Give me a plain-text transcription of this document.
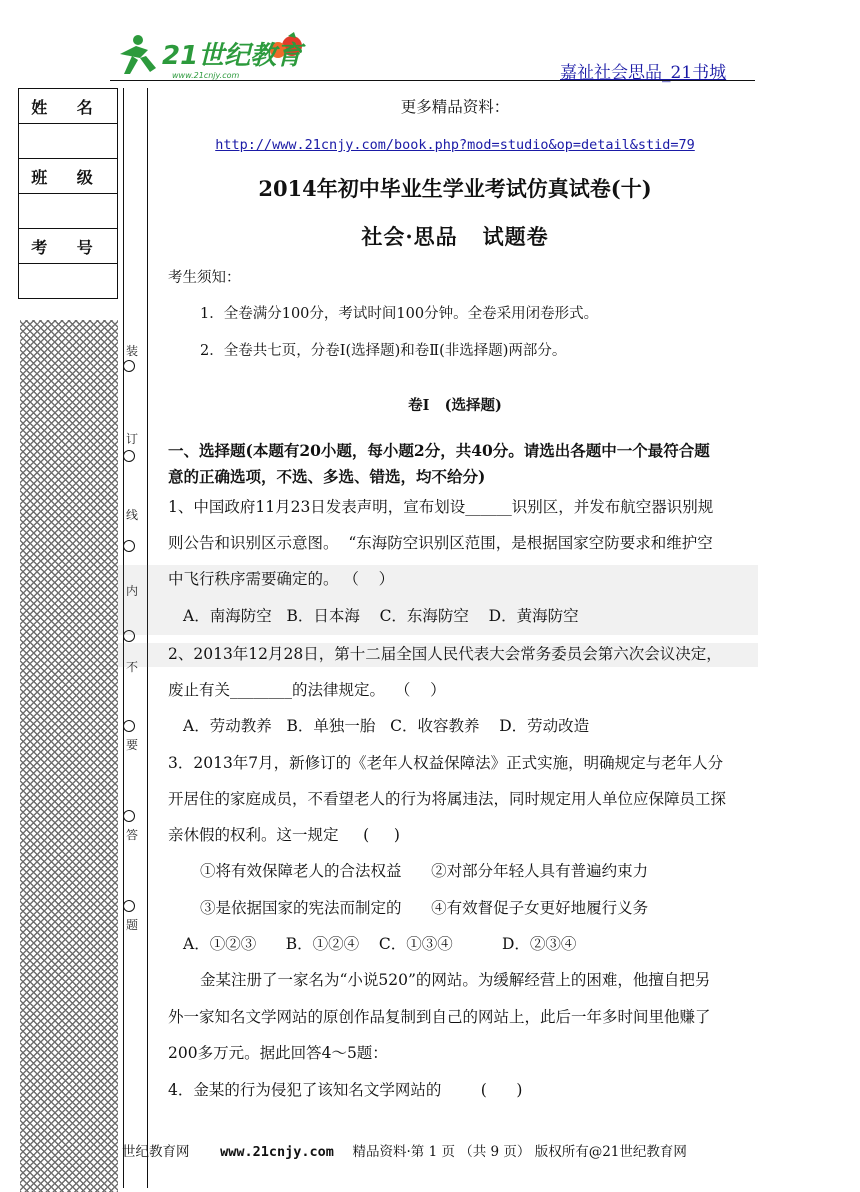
21世纪教育
www.21cnjy.com	嘉祉社会思品_21书城
姓 名

班 级

考 号

装
订
线
内
不
要
答
题
更多精品资料：
http://www.21cnjy.com/book.php?mod=studio&op=detail&stid=79
2014年初中毕业生学业考试仿真试卷(十)
社会·思品   试题卷
考生须知：
1．全卷满分100分，考试时间100分钟。全卷采用闭卷形式。
2．全卷共七页，分卷Ⅰ(选择题)和卷Ⅱ(非选择题)两部分。
卷Ⅰ   (选择题)
一、选择题(本题有20小题，每小题2分，共40分。请选出各题中一个最符合题
意的正确选项，不选、多选、错选，均不给分)
1、中国政府11月23日发表声明，宣布划设______识别区，并发布航空器识别规
则公告和识别区示意图。  “东海防空识别区范围，是根据国家空防要求和维护空
中飞行秩序需要确定的。 （    ）
A．南海防空   B．日本海    C．东海防空    D．黄海防空
2、2013年12月28日，第十二届全国人民代表大会常务委员会第六次会议决定，
废止有关________的法律规定。  （    ）
A．劳动教养   B．单独一胎   C．收容教养    D．劳动改造
3．2013年7月，新修订的《老年人权益保障法》正式实施，明确规定与老年人分
开居住的家庭成员，不看望老人的行为将属违法，同时规定用人单位应保障员工探
亲休假的权利。这一规定     (     )
①将有效保障老人的合法权益      ②对部分年轻人具有普遍约束力
③是依据国家的宪法而制定的      ④有效督促子女更好地履行义务
A．①②③      B．①②④    C．①③④          D．②③④
金某注册了一家名为“小说520”的网站。为缓解经营上的困难，他擅自把另
外一家知名文学网站的原创作品复制到自己的网站上，此后一年多时间里他赚了
200多万元。据此回答4～5题：
4．金某的行为侵犯了该知名文学网站的        (      )
世纪教育网 www.21cnjy.com 精品资料·第 1 页 （共 9 页） 版权所有@21世纪教育网
